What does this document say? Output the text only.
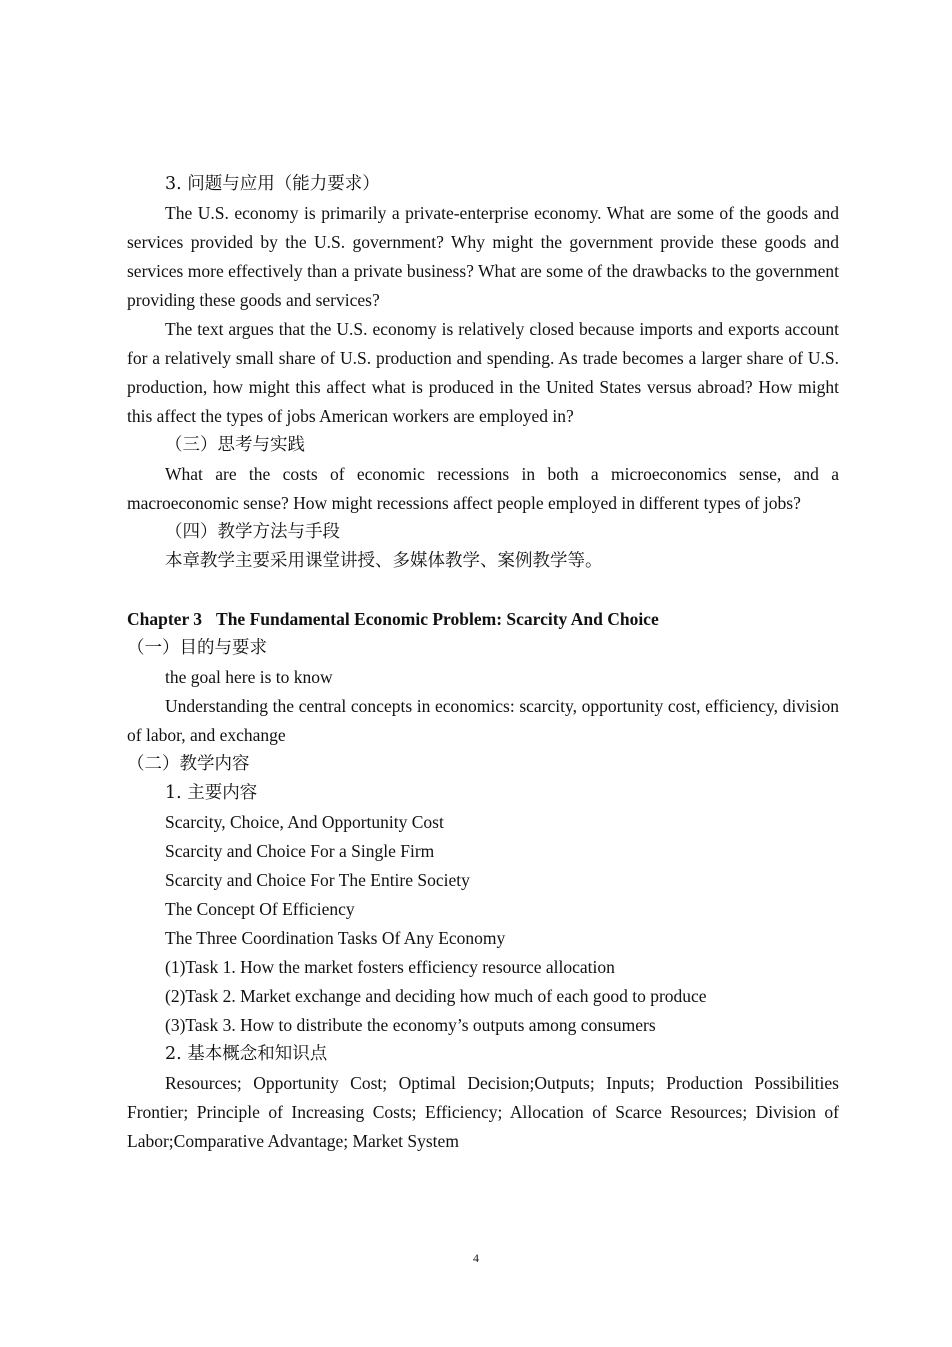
3. 问题与应用（能力要求）

The U.S. economy is primarily a private-enterprise economy. What are some of the goods and services provided by the U.S. government? Why might the government provide these goods and services more effectively than a private business? What are some of the drawbacks to the government providing these goods and services?

The text argues that the U.S. economy is relatively closed because imports and exports account for a relatively small share of U.S. production and spending. As trade becomes a larger share of U.S. production, how might this affect what is produced in the United States versus abroad? How might this affect the types of jobs American workers are employed in?

（三）思考与实践

What are the costs of economic recessions in both a microeconomics sense, and a macroeconomic sense? How might recessions affect people employed in different types of jobs?

（四）教学方法与手段

本章教学主要采用课堂讲授、多媒体教学、案例教学等。

Chapter 3 The Fundamental Economic Problem: Scarcity And Choice

（一）目的与要求

the goal here is to know

Understanding the central concepts in economics: scarcity, opportunity cost, efficiency, division of labor, and exchange

（二）教学内容

1. 主要内容

Scarcity, Choice, And Opportunity Cost

Scarcity and Choice For a Single Firm

Scarcity and Choice For The Entire Society

The Concept Of Efficiency

The Three Coordination Tasks Of Any Economy

(1)Task 1. How the market fosters efficiency resource allocation

(2)Task 2. Market exchange and deciding how much of each good to produce

(3)Task 3. How to distribute the economy’s outputs among consumers

2. 基本概念和知识点

Resources; Opportunity Cost; Optimal Decision;Outputs; Inputs; Production Possibilities Frontier; Principle of Increasing Costs; Efficiency; Allocation of Scarce Resources; Division of Labor;Comparative Advantage; Market System

4
